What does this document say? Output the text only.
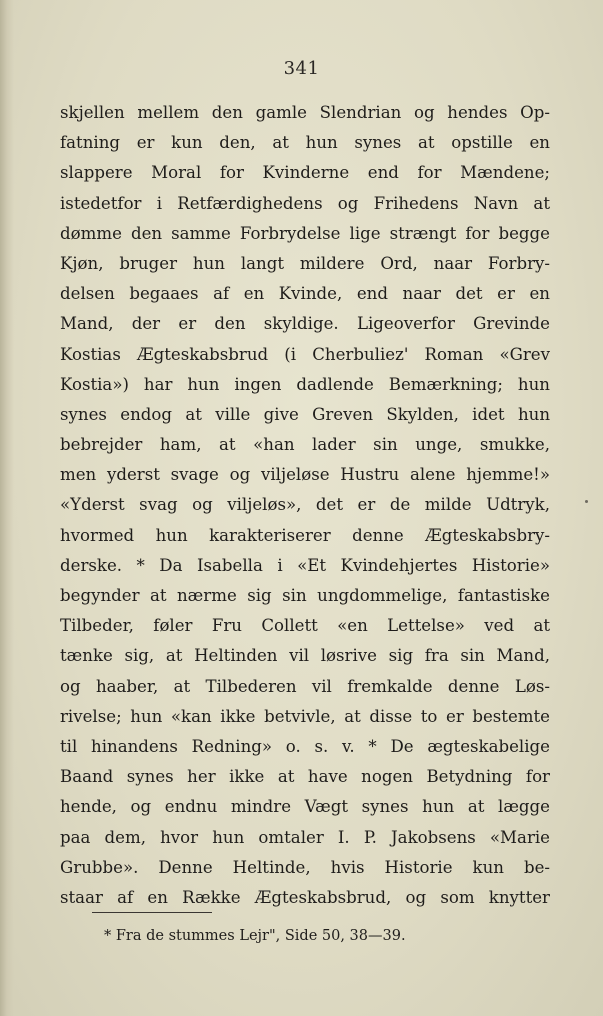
341
skjellen mellem den gamle Slendrian og hendes Op-
fatning er kun den, at hun synes at opstille en
slappere Moral for Kvinderne end for Mændene;
istedetfor i Retfærdighedens og Frihedens Navn at
dømme den samme Forbrydelse lige strængt for begge
Kjøn, bruger hun langt mildere Ord, naar Forbry-
delsen begaaes af en Kvinde, end naar det er en
Mand, der er den skyldige. Ligeoverfor Grevinde
Kostias Ægteskabsbrud (i Cherbuliez' Roman «Grev
Kostia») har hun ingen dadlende Bemærkning; hun
synes endog at ville give Greven Skylden, idet hun
bebrejder ham, at «han lader sin unge, smukke,
men yderst svage og viljeløse Hustru alene hjemme!»
«Yderst svag og viljeløs», det er de milde Udtryk,
hvormed hun karakteriserer denne Ægteskabsbry-
derske. * Da Isabella i «Et Kvindehjertes Historie»
begynder at nærme sig sin ungdommelige, fantastiske
Tilbeder, føler Fru Collett «en Lettelse» ved at
tænke sig, at Heltinden vil løsrive sig fra sin Mand,
og haaber, at Tilbederen vil fremkalde denne Løs-
rivelse; hun «kan ikke betvivle, at disse to er bestemte
til hinandens Redning» o. s. v. * De ægteskabelige
Baand synes her ikke at have nogen Betydning for
hende, og endnu mindre Vægt synes hun at lægge
paa dem, hvor hun omtaler I. P. Jakobsens «Marie
Grubbe». Denne Heltinde, hvis Historie kun be-
staar af en Række Ægteskabsbrud, og som knytter
* Fra de stummes Lejr", Side 50, 38—39.
